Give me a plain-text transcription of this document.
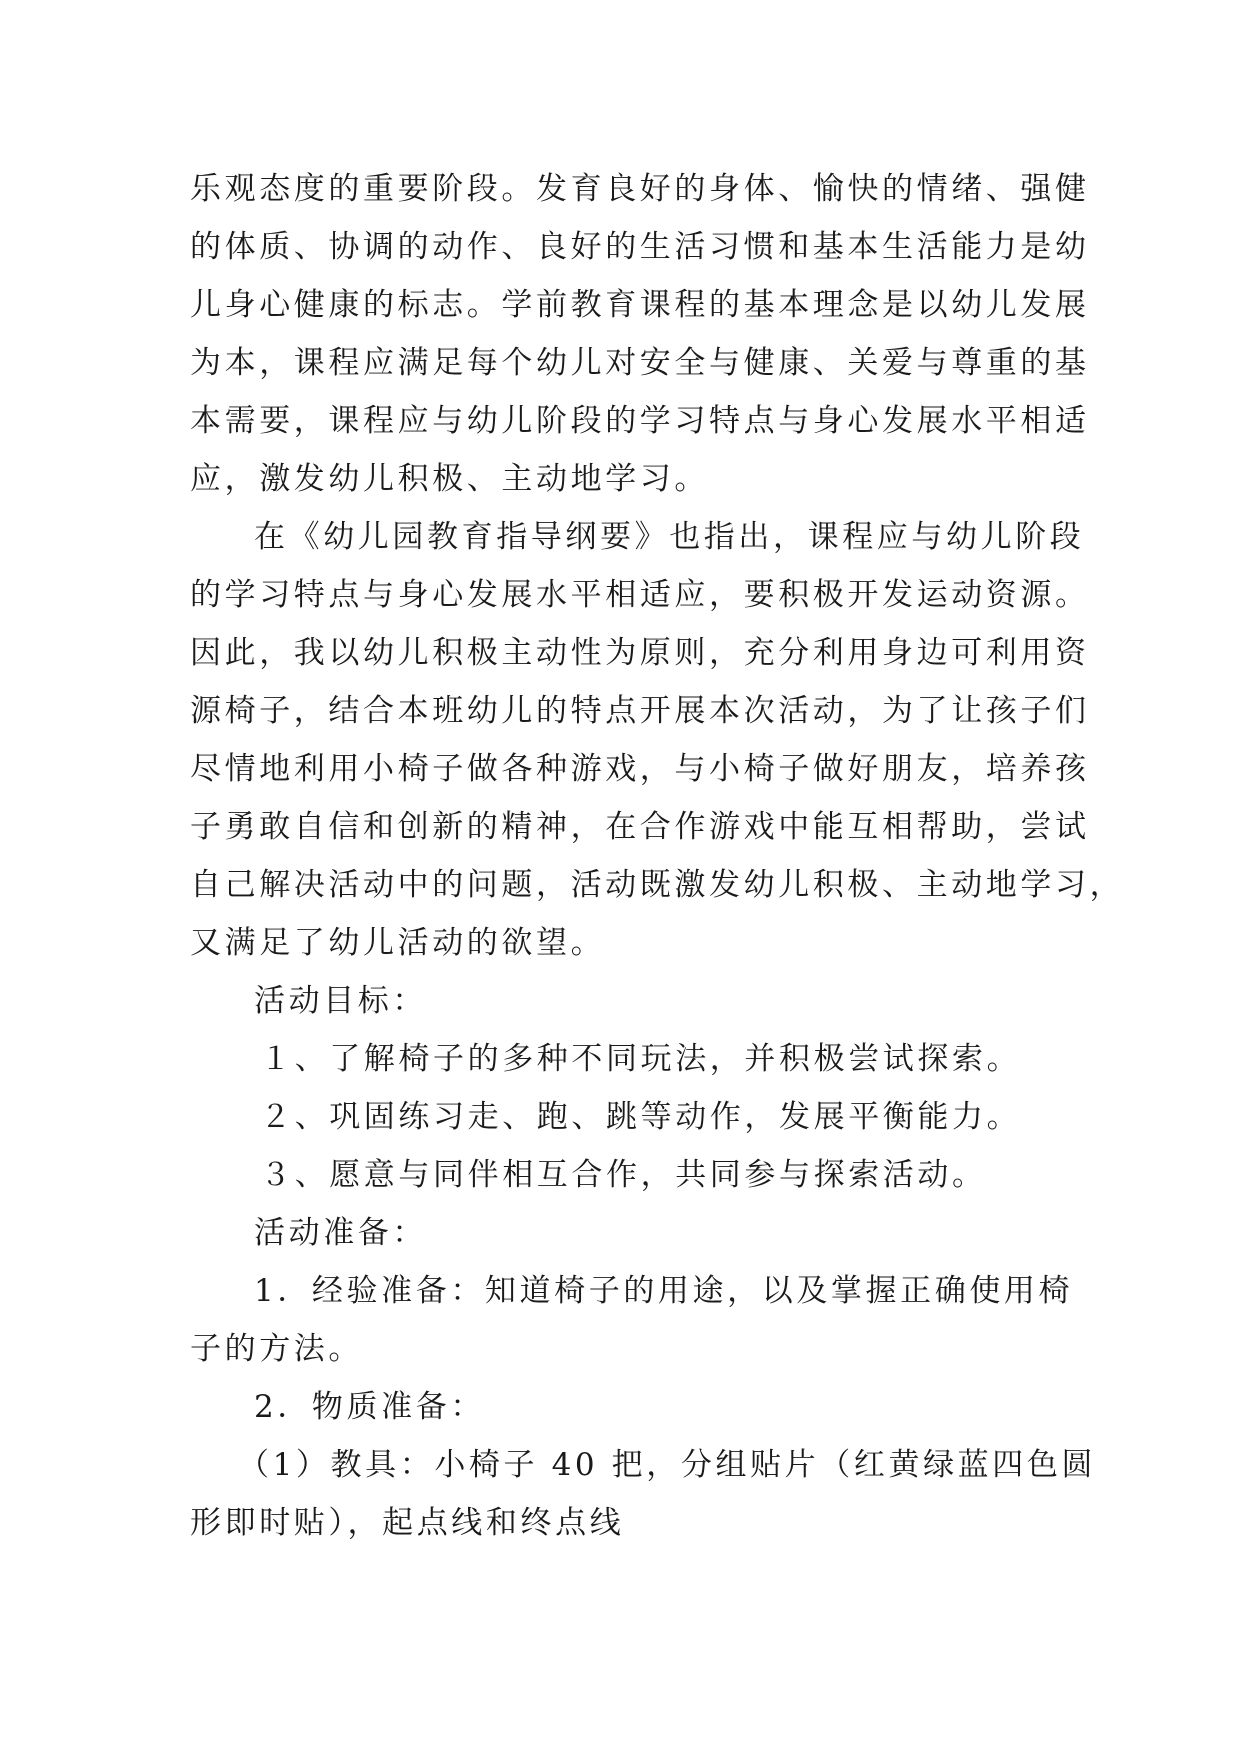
乐观态度的重要阶段。发育良好的身体、愉快的情绪、强健
的体质、协调的动作、良好的生活习惯和基本生活能力是幼
儿身心健康的标志。学前教育课程的基本理念是以幼儿发展
为本，课程应满足每个幼儿对安全与健康、关爱与尊重的基
本需要，课程应与幼儿阶段的学习特点与身心发展水平相适
应，激发幼儿积极、主动地学习。

在《幼儿园教育指导纲要》也指出，课程应与幼儿阶段
的学习特点与身心发展水平相适应，要积极开发运动资源。
因此，我以幼儿积极主动性为原则，充分利用身边可利用资
源椅子，结合本班幼儿的特点开展本次活动，为了让孩子们
尽情地利用小椅子做各种游戏，与小椅子做好朋友，培养孩
子勇敢自信和创新的精神，在合作游戏中能互相帮助，尝试
自己解决活动中的问题，活动既激发幼儿积极、主动地学习，
又满足了幼儿活动的欲望。

活动目标：

１、了解椅子的多种不同玩法，并积极尝试探索。
２、巩固练习走、跑、跳等动作，发展平衡能力。
３、愿意与同伴相互合作，共同参与探索活动。

活动准备：

1．经验准备：知道椅子的用途，以及掌握正确使用椅
子的方法。

2．物质准备：

（1）教具：小椅子 40 把，分组贴片（红黄绿蓝四色圆
形即时贴），起点线和终点线
